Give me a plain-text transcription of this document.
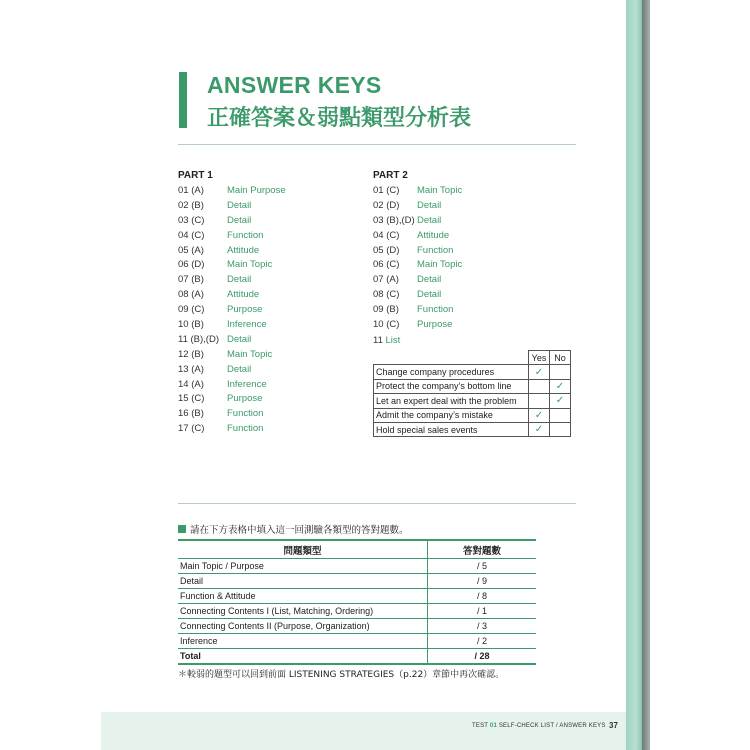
ANSWER KEYS
正確答案＆弱點類型分析表
PART 1
01 (A) Main Purpose
02 (B) Detail
03 (C) Detail
04 (C) Function
05 (A) Attitude
06 (D) Main Topic
07 (B) Detail
08 (A) Attitude
09 (C) Purpose
10 (B) Inference
11 (B),(D) Detail
12 (B) Main Topic
13 (A) Detail
14 (A) Inference
15 (C) Purpose
16 (B) Function
17 (C) Function
PART 2
01 (C) Main Topic
02 (D) Detail
03 (B),(D) Detail
04 (C) Attitude
05 (D) Function
06 (C) Main Topic
07 (A) Detail
08 (C) Detail
09 (B) Function
10 (C) Purpose
11 List
	Yes	No
Change company procedures	✓	
Protect the company’s bottom line		✓
Let an expert deal with the problem		✓
Admit the company’s mistake	✓	
Hold special sales events	✓	
請在下方表格中填入這一回測驗各類型的答對題數。
問題類型	答對題數
Main Topic / Purpose	/ 5
Detail	/ 9
Function & Attitude	/ 8
Connecting Contents I (List, Matching, Ordering)	/ 1
Connecting Contents II (Purpose, Organization)	/ 3
Inference	/ 2
Total	/ 28
＊較弱的題型可以回到前面 LISTENING STRATEGIES（p.22）章節中再次確認。
TEST 01 SELF-CHECK LIST / ANSWER KEYS 37
